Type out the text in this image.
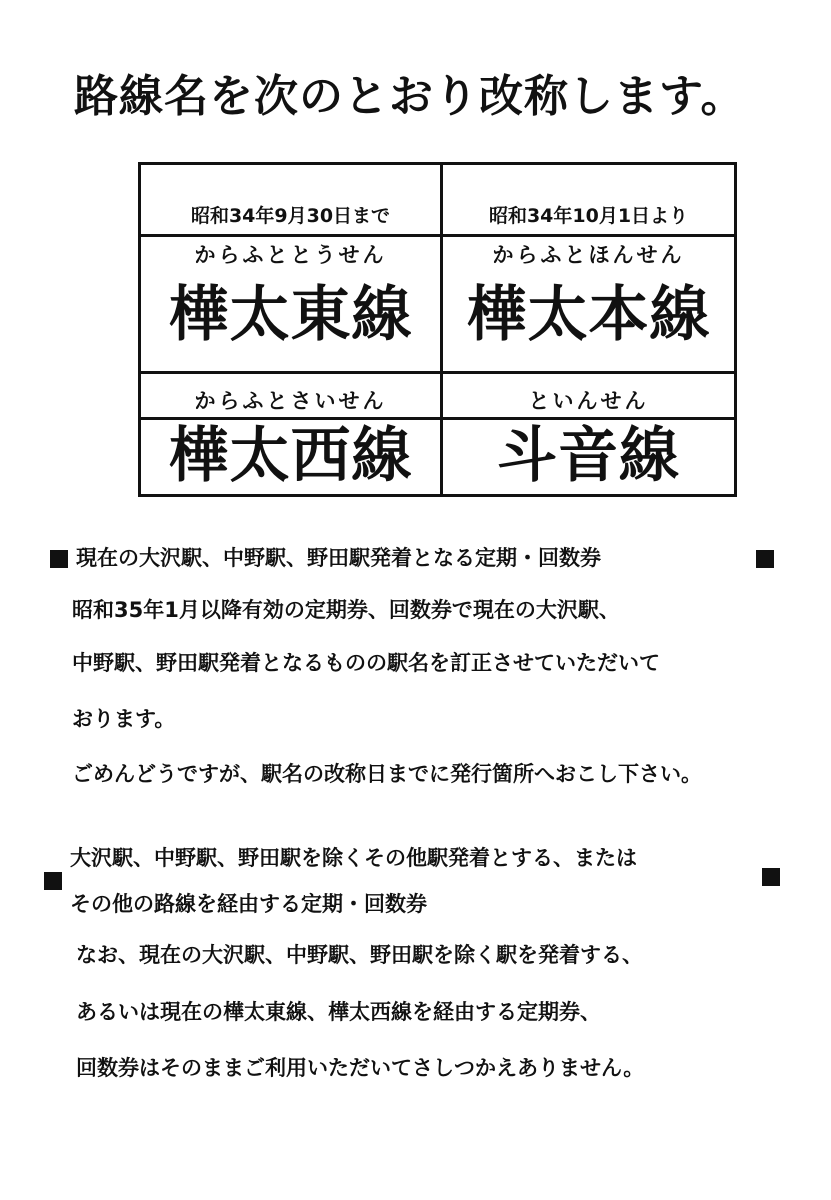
路線名を次のとおり改称します。
昭和34年9月30日まで
からふととうせん
樺太東線
からふとさいせん
樺太西線
昭和34年10月1日より
からふとほんせん
樺太本線
といんせん
斗音線
現在の大沢駅、中野駅、野田駅発着となる定期・回数券
昭和35年1月以降有効の定期券、回数券で現在の大沢駅、
中野駅、野田駅発着となるものの駅名を訂正させていただいて
おります。
ごめんどうですが、駅名の改称日までに発行箇所へおこし下さい。
大沢駅、中野駅、野田駅を除くその他駅発着とする、または
その他の路線を経由する定期・回数券
なお、現在の大沢駅、中野駅、野田駅を除く駅を発着する、
あるいは現在の樺太東線、樺太西線を経由する定期券、
回数券はそのままご利用いただいてさしつかえありません。
